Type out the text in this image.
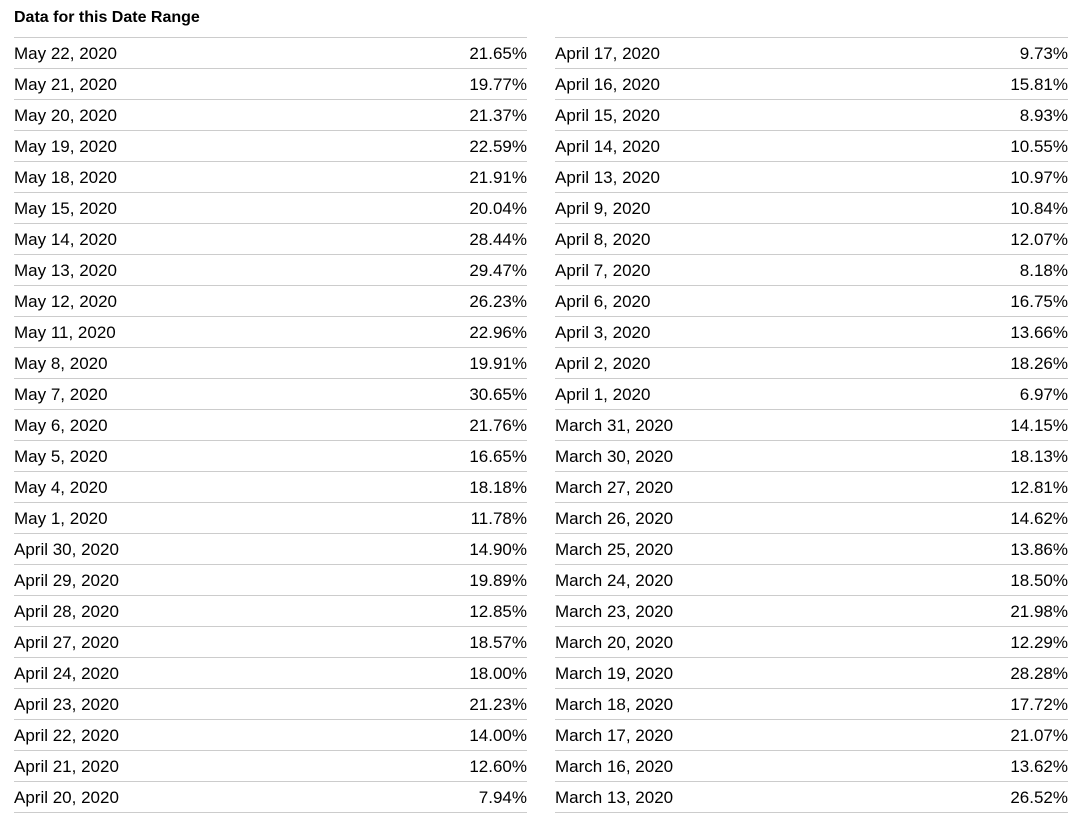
Data for this Date Range
May 22, 2020	21.65%
May 21, 2020	19.77%
May 20, 2020	21.37%
May 19, 2020	22.59%
May 18, 2020	21.91%
May 15, 2020	20.04%
May 14, 2020	28.44%
May 13, 2020	29.47%
May 12, 2020	26.23%
May 11, 2020	22.96%
May 8, 2020	19.91%
May 7, 2020	30.65%
May 6, 2020	21.76%
May 5, 2020	16.65%
May 4, 2020	18.18%
May 1, 2020	11.78%
April 30, 2020	14.90%
April 29, 2020	19.89%
April 28, 2020	12.85%
April 27, 2020	18.57%
April 24, 2020	18.00%
April 23, 2020	21.23%
April 22, 2020	14.00%
April 21, 2020	12.60%
April 20, 2020	7.94%
April 17, 2020	9.73%
April 16, 2020	15.81%
April 15, 2020	8.93%
April 14, 2020	10.55%
April 13, 2020	10.97%
April 9, 2020	10.84%
April 8, 2020	12.07%
April 7, 2020	8.18%
April 6, 2020	16.75%
April 3, 2020	13.66%
April 2, 2020	18.26%
April 1, 2020	6.97%
March 31, 2020	14.15%
March 30, 2020	18.13%
March 27, 2020	12.81%
March 26, 2020	14.62%
March 25, 2020	13.86%
March 24, 2020	18.50%
March 23, 2020	21.98%
March 20, 2020	12.29%
March 19, 2020	28.28%
March 18, 2020	17.72%
March 17, 2020	21.07%
March 16, 2020	13.62%
March 13, 2020	26.52%
